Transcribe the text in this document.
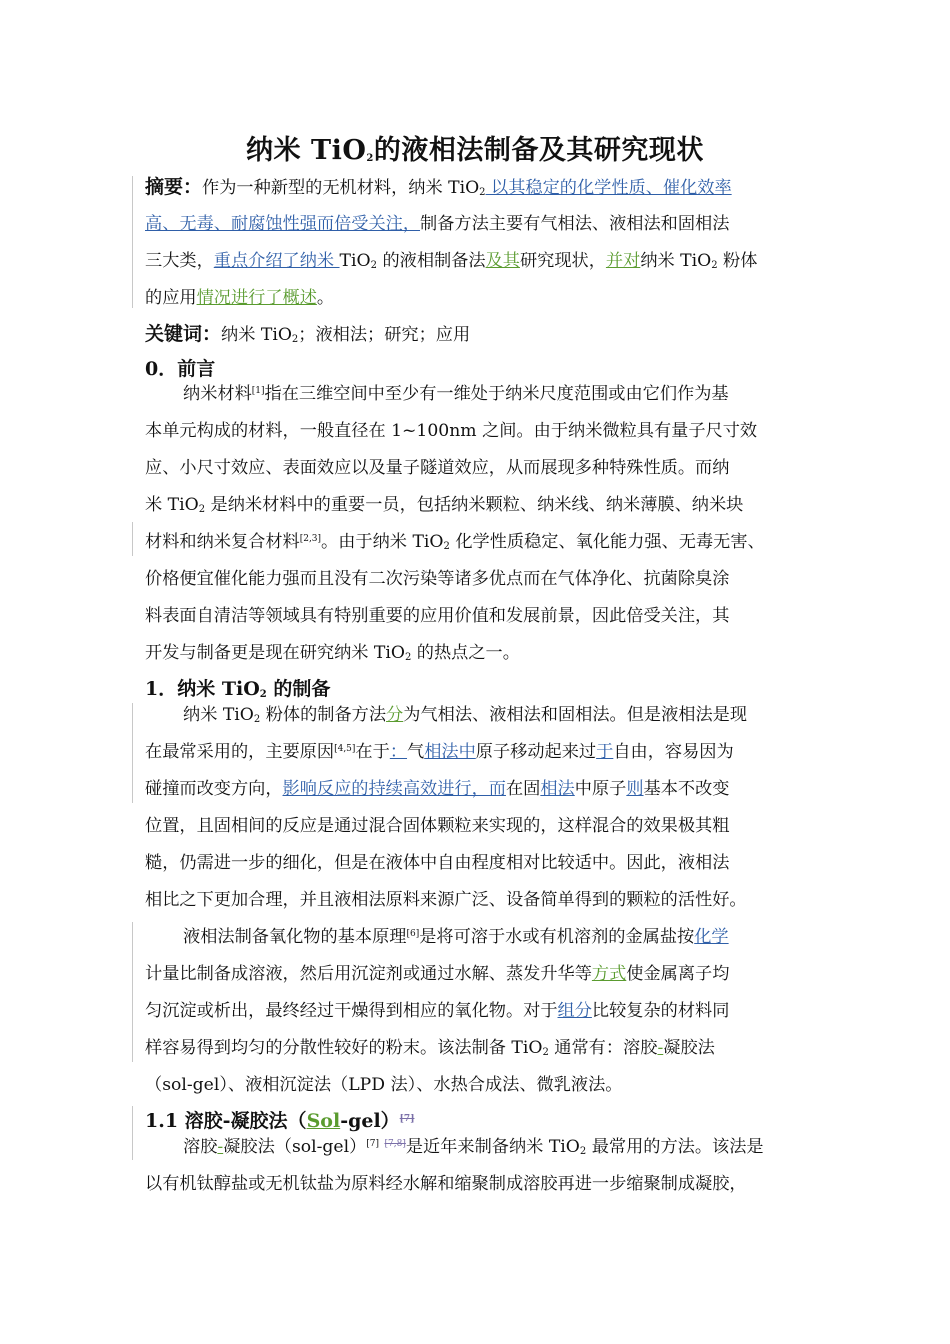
纳米 TiO$_2$的液相法制备及其研究现状
摘要：作为一种新型的无机材料，纳米 TiO$_2$ 以其稳定的化学性质、催化效率
高、无毒、耐腐蚀性强而倍受关注，制备方法主要有气相法、液相法和固相法
三大类，重点介绍了纳米 TiO$_2$ 的液相制备法及其研究现状，并对纳米 TiO$_2$ 粉体
的应用情况进行了概述。
关键词：纳米 TiO$_2$；液相法；研究；应用
0．前言
纳米材料[1]指在三维空间中至少有一维处于纳米尺度范围或由它们作为基
本单元构成的材料，一般直径在 1~100nm 之间。由于纳米微粒具有量子尺寸效
应、小尺寸效应、表面效应以及量子隧道效应，从而展现多种特殊性质。而纳
米 TiO$_2$ 是纳米材料中的重要一员，包括纳米颗粒、纳米线、纳米薄膜、纳米块
材料和纳米复合材料[2,3]。由于纳米 TiO$_2$ 化学性质稳定、氧化能力强、无毒无害、
价格便宜催化能力强而且没有二次污染等诸多优点而在气体净化、抗菌除臭涂
料表面自清洁等领域具有特别重要的应用价值和发展前景，因此倍受关注，其
开发与制备更是现在研究纳米 TiO$_2$ 的热点之一。
1．纳米 TiO$_2$ 的制备
纳米 TiO$_2$ 粉体的制备方法分为气相法、液相法和固相法。但是液相法是现
在最常采用的，主要原因[4,5]在于：气相法中原子移动起来过于自由，容易因为
碰撞而改变方向，影响反应的持续高效进行，而在固相法中原子则基本不改变
位置，且固相间的反应是通过混合固体颗粒来实现的，这样混合的效果极其粗
糙，仍需进一步的细化，但是在液体中自由程度相对比较适中。因此，液相法
相比之下更加合理，并且液相法原料来源广泛、设备简单得到的颗粒的活性好。
液相法制备氧化物的基本原理[6]是将可溶于水或有机溶剂的金属盐按化学
计量比制备成溶液，然后用沉淀剂或通过水解、蒸发升华等方式使金属离子均
匀沉淀或析出，最终经过干燥得到相应的氧化物。对于组分比较复杂的材料同
样容易得到均匀的分散性较好的粉末。该法制备 TiO$_2$ 通常有：溶胶-凝胶法
（sol-gel）、液相沉淀法（LPD 法）、水热合成法、微乳液法。
1.1 溶胶-凝胶法（Sol-gel）[7]
溶胶-凝胶法（sol-gel）[7] [7,8]是近年来制备纳米 TiO$_2$ 最常用的方法。该法是
以有机钛醇盐或无机钛盐为原料经水解和缩聚制成溶胶再进一步缩聚制成凝胶，
